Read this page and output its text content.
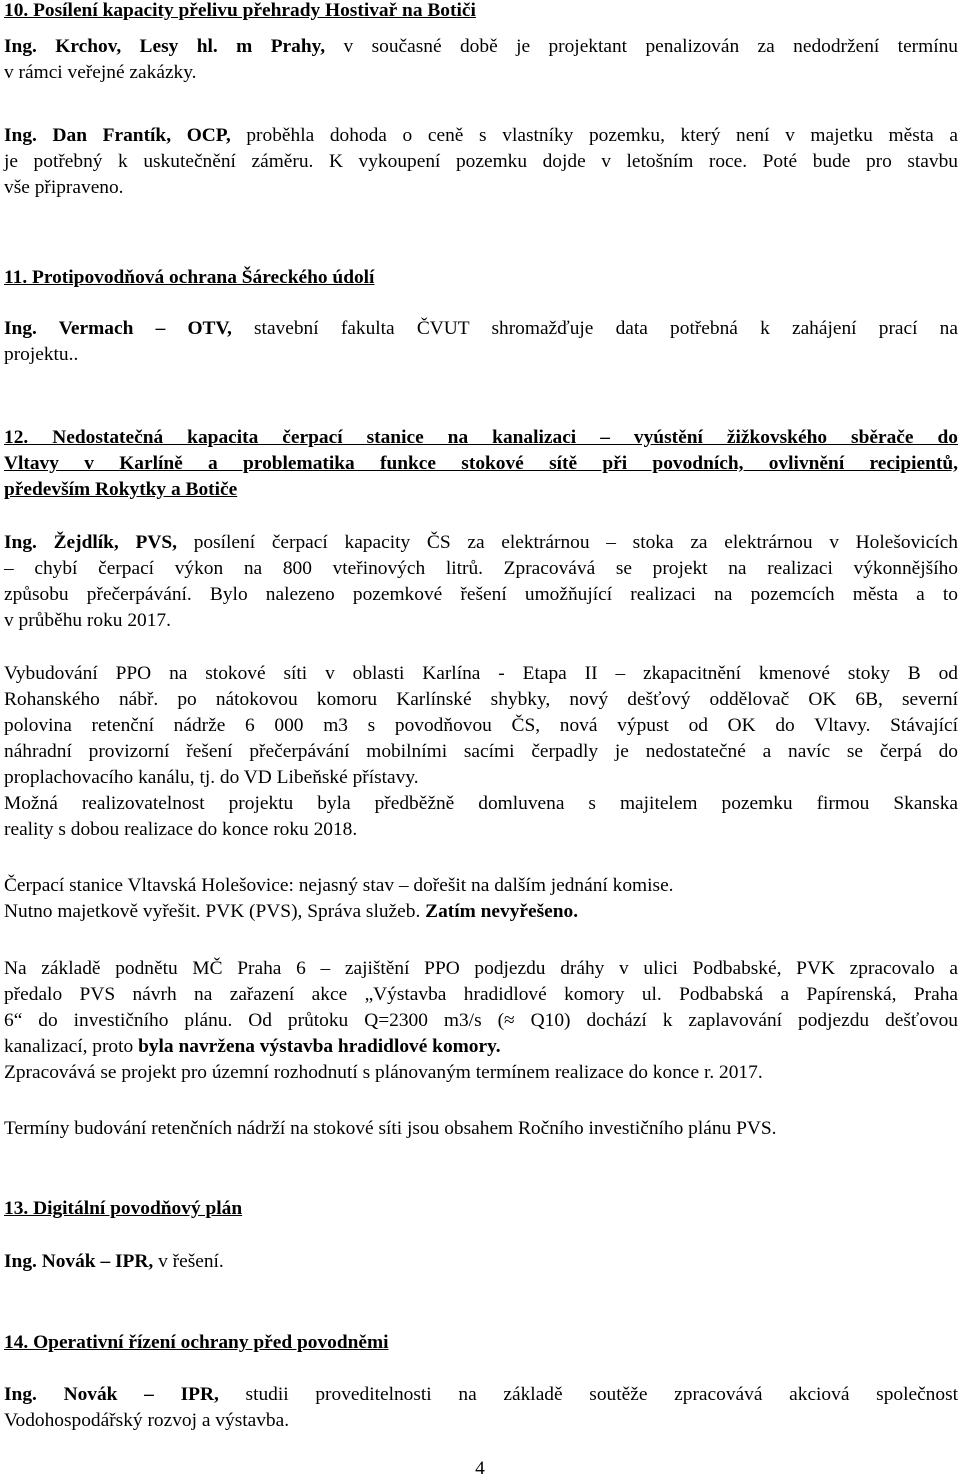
10. Posílení kapacity přelivu přehrady Hostivař na Botiči
Ing. Krchov, Lesy hl. m Prahy, v současné době je projektant penalizován za nedodržení termínu
v rámci veřejné zakázky.
Ing. Dan Frantík, OCP, proběhla dohoda o ceně s vlastníky pozemku, který není v majetku města a
je potřebný k uskutečnění záměru. K vykoupení pozemku dojde v letošním roce. Poté bude pro stavbu
vše připraveno.
11. Protipovodňová ochrana Šáreckého údolí
Ing. Vermach – OTV, stavební fakulta ČVUT shromažďuje data potřebná k zahájení prací na
projektu..
12. Nedostatečná kapacita čerpací stanice na kanalizaci – vyústění žižkovského sběrače do
Vltavy v Karlíně a problematika funkce stokové sítě při povodních, ovlivnění recipientů,
především Rokytky a Botiče
Ing. Žejdlík, PVS, posílení čerpací kapacity ČS za elektrárnou – stoka za elektrárnou v Holešovicích
– chybí čerpací výkon na 800 vteřinových litrů. Zpracovává se projekt na realizaci výkonnějšího
způsobu přečerpávání. Bylo nalezeno pozemkové řešení umožňující realizaci na pozemcích města a to
v průběhu roku 2017.
Vybudování PPO na stokové síti v oblasti Karlína - Etapa II – zkapacitnění kmenové stoky B od
Rohanského nábř. po nátokovou komoru Karlínské shybky, nový dešťový oddělovač OK 6B, severní
polovina retenční nádrže 6 000 m3 s povodňovou ČS, nová výpust od OK do Vltavy. Stávající
náhradní provizorní řešení přečerpávání mobilními sacími čerpadly je nedostatečné a navíc se čerpá do
proplachovacího kanálu, tj. do VD Libeňské přístavy.
Možná realizovatelnost projektu byla předběžně domluvena s majitelem pozemku firmou Skanska
reality s dobou realizace do konce roku 2018.
Čerpací stanice Vltavská Holešovice: nejasný stav – dořešit na dalším jednání komise.
Nutno majetkově vyřešit. PVK (PVS), Správa služeb. Zatím nevyřešeno.
Na základě podnětu MČ Praha 6 – zajištění PPO podjezdu dráhy v ulici Podbabské, PVK zpracovalo a
předalo PVS návrh na zařazení akce „Výstavba hradidlové komory ul. Podbabská a Papírenská, Praha
6“ do investičního plánu. Od průtoku Q=2300 m3/s (≈ Q10) dochází k zaplavování podjezdu dešťovou
kanalizací, proto byla navržena výstavba hradidlové komory.
Zpracovává se projekt pro územní rozhodnutí s plánovaným termínem realizace do konce r. 2017.
Termíny budování retenčních nádrží na stokové síti jsou obsahem Ročního investičního plánu PVS.
13. Digitální povodňový plán
Ing. Novák – IPR, v řešení.
14. Operativní řízení ochrany před povodněmi
Ing. Novák – IPR, studii proveditelnosti na základě soutěže zpracovává akciová společnost
Vodohospodářský rozvoj a výstavba.
4
